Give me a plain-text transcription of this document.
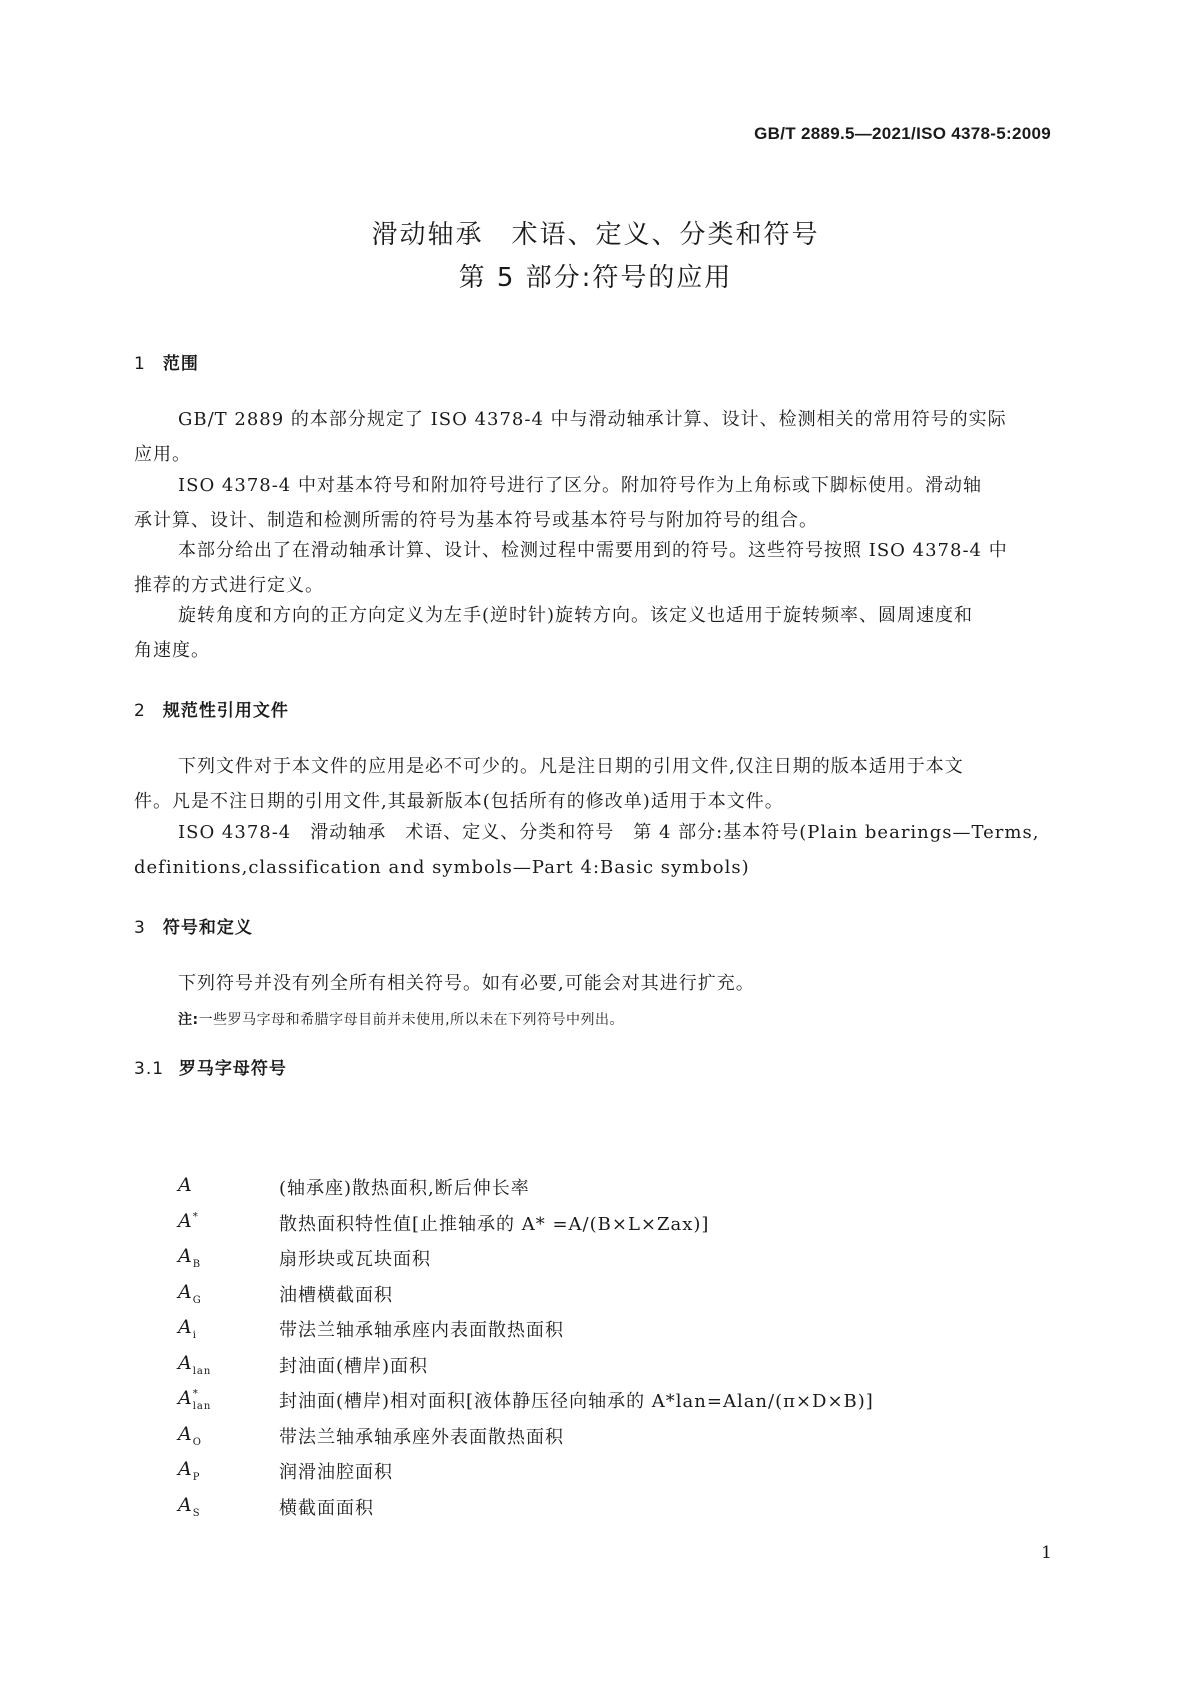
GB/T 2889.5—2021/ISO 4378-5:2009
滑动轴承　术语、定义、分类和符号
第 5 部分:符号的应用
1 范围
GB/T 2889 的本部分规定了 ISO 4378-4 中与滑动轴承计算、设计、检测相关的常用符号的实际
应用。
ISO 4378-4 中对基本符号和附加符号进行了区分。附加符号作为上角标或下脚标使用。滑动轴
承计算、设计、制造和检测所需的符号为基本符号或基本符号与附加符号的组合。
本部分给出了在滑动轴承计算、设计、检测过程中需要用到的符号。这些符号按照 ISO 4378-4 中
推荐的方式进行定义。
旋转角度和方向的正方向定义为左手(逆时针)旋转方向。该定义也适用于旋转频率、圆周速度和
角速度。
2 规范性引用文件
下列文件对于本文件的应用是必不可少的。凡是注日期的引用文件,仅注日期的版本适用于本文
件。凡是不注日期的引用文件,其最新版本(包括所有的修改单)适用于本文件。
ISO 4378-4　滑动轴承　术语、定义、分类和符号　第 4 部分:基本符号(Plain bearings—Terms,
definitions,classification and symbols—Part 4:Basic symbols)
3 符号和定义
下列符号并没有列全所有相关符号。如有必要,可能会对其进行扩充。
注:一些罗马字母和希腊字母目前并未使用,所以未在下列符号中列出。
3.1 罗马字母符号
A	(轴承座)散热面积,断后伸长率
A*	散热面积特性值[止推轴承的 A* =A/(B×L×Zax)]
$A_B$	扇形块或瓦块面积
$A_G$	油槽横截面积
$A_i$	带法兰轴承轴承座内表面散热面积
$A_{lan}$	封油面(槽岸)面积
$A^*_{lan}$	封油面(槽岸)相对面积[液体静压径向轴承的 A*lan=Alan/(π×D×B)]
$A_O$	带法兰轴承轴承座外表面散热面积
$A_P$	润滑油腔面积
$A_S$	横截面面积
1
